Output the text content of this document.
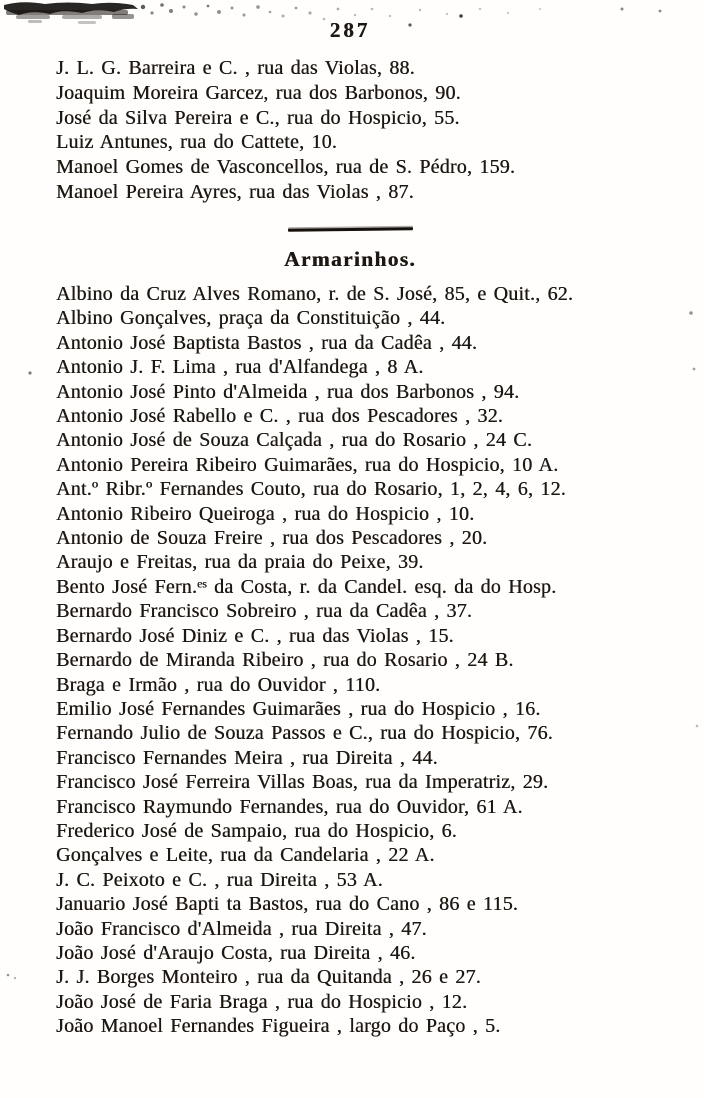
287
J. L. G. Barreira e C. , rua das Violas, 88.
Joaquim Moreira Garcez, rua dos Barbonos, 90.
José da Silva Pereira e C., rua do Hospicio, 55.
Luiz Antunes, rua do Cattete, 10.
Manoel Gomes de Vasconcellos, rua de S. Pédro, 159.
Manoel Pereira Ayres, rua das Violas , 87.
Armarinhos.
Albino da Cruz Alves Romano, r. de S. José, 85, e Quit., 62.
Albino Gonçalves, praça da Constituição , 44.
Antonio José Baptista Bastos , rua da Cadêa , 44.
Antonio J. F. Lima , rua d'Alfandega , 8 A.
Antonio José Pinto d'Almeida , rua dos Barbonos , 94.
Antonio José Rabello e C. , rua dos Pescadores , 32.
Antonio José de Souza Calçada , rua do Rosario , 24 C.
Antonio Pereira Ribeiro Guimarães, rua do Hospicio, 10 A.
Ant.º Ribr.º Fernandes Couto, rua do Rosario, 1, 2, 4, 6, 12.
Antonio Ribeiro Queiroga , rua do Hospicio , 10.
Antonio de Souza Freire , rua dos Pescadores , 20.
Araujo e Freitas, rua da praia do Peixe, 39.
Bento José Fern.ᵉˢ da Costa, r. da Candel. esq. da do Hosp.
Bernardo Francisco Sobreiro , rua da Cadêa , 37.
Bernardo José Diniz e C. , rua das Violas , 15.
Bernardo de Miranda Ribeiro , rua do Rosario , 24 B.
Braga e Irmão , rua do Ouvidor , 110.
Emilio José Fernandes Guimarães , rua do Hospicio , 16.
Fernando Julio de Souza Passos e C., rua do Hospicio, 76.
Francisco Fernandes Meira , rua Direita , 44.
Francisco José Ferreira Villas Boas, rua da Imperatriz, 29.
Francisco Raymundo Fernandes, rua do Ouvidor, 61 A.
Frederico José de Sampaio, rua do Hospicio, 6.
Gonçalves e Leite, rua da Candelaria , 22 A.
J. C. Peixoto e C. , rua Direita , 53 A.
Januario José Bapti ta Bastos, rua do Cano , 86 e 115.
João Francisco d'Almeida , rua Direita , 47.
João José d'Araujo Costa, rua Direita , 46.
J. J. Borges Monteiro , rua da Quitanda , 26 e 27.
João José de Faria Braga , rua do Hospicio , 12.
João Manoel Fernandes Figueira , largo do Paço , 5.
